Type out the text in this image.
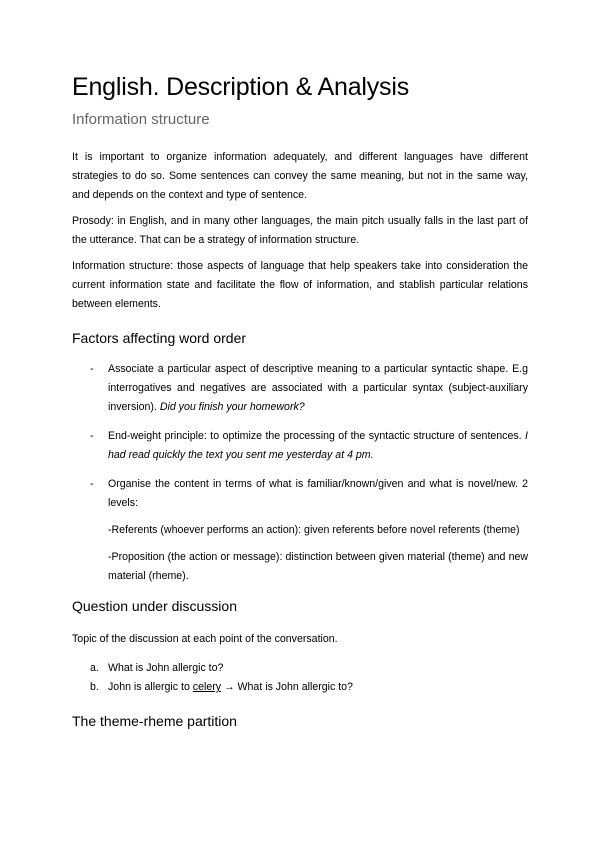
English. Description & Analysis
Information structure

It is important to organize information adequately, and different languages have different strategies to do so. Some sentences can convey the same meaning, but not in the same way, and depends on the context and type of sentence.

Prosody: in English, and in many other languages, the main pitch usually falls in the last part of the utterance. That can be a strategy of information structure.

Information structure: those aspects of language that help speakers take into consideration the current information state and facilitate the flow of information, and stablish particular relations between elements.

Factors affecting word order

- Associate a particular aspect of descriptive meaning to a particular syntactic shape. E.g interrogatives and negatives are associated with a particular syntax (subject-auxiliary inversion). Did you finish your homework?

- End-weight principle: to optimize the processing of the syntactic structure of sentences. I had read quickly the text you sent me yesterday at 4 pm.

- Organise the content in terms of what is familiar/known/given and what is novel/new. 2 levels:

-Referents (whoever performs an action): given referents before novel referents (theme)

-Proposition (the action or message): distinction between given material (theme) and new material (rheme).

Question under discussion

Topic of the discussion at each point of the conversation.

a. What is John allergic to?
b. John is allergic to celery → What is John allergic to?
The theme-rheme partition
